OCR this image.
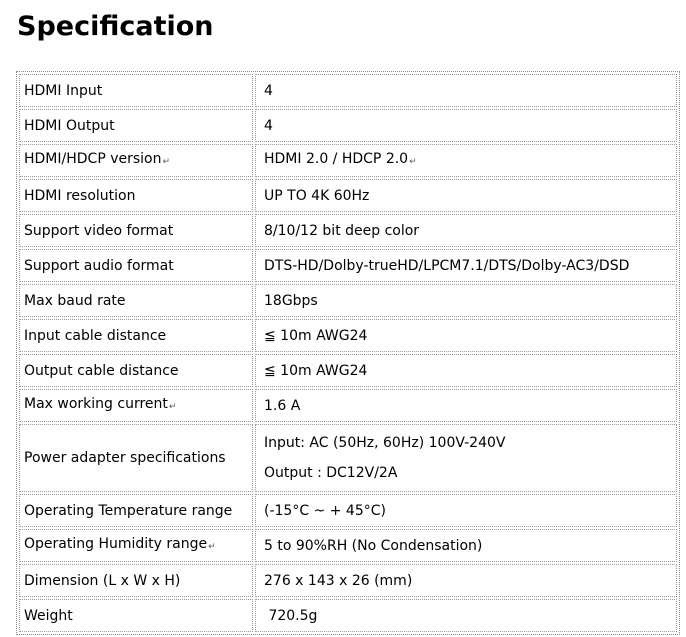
Specification
HDMI Input	4
HDMI Output	4
HDMI/HDCP version↵	HDMI 2.0 / HDCP 2.0↵
HDMI resolution	UP TO 4K 60Hz
Support video format	8/10/12 bit deep color
Support audio format	DTS-HD/Dolby-trueHD/LPCM7.1/DTS/Dolby-AC3/DSD
Max baud rate	18Gbps
Input cable distance	≦ 10m AWG24
Output cable distance	≦ 10m AWG24
Max working current↵	1.6 A
Power adapter specifications	Input: AC (50Hz, 60Hz) 100V-240V
Output : DC12V/2A

Operating Temperature range	(-15°C ~ + 45°C)
Operating Humidity range↵	5 to 90%RH (No Condensation)
Dimension (L x W x H)	276 x 143 x 26 (mm)
Weight	720.5g
